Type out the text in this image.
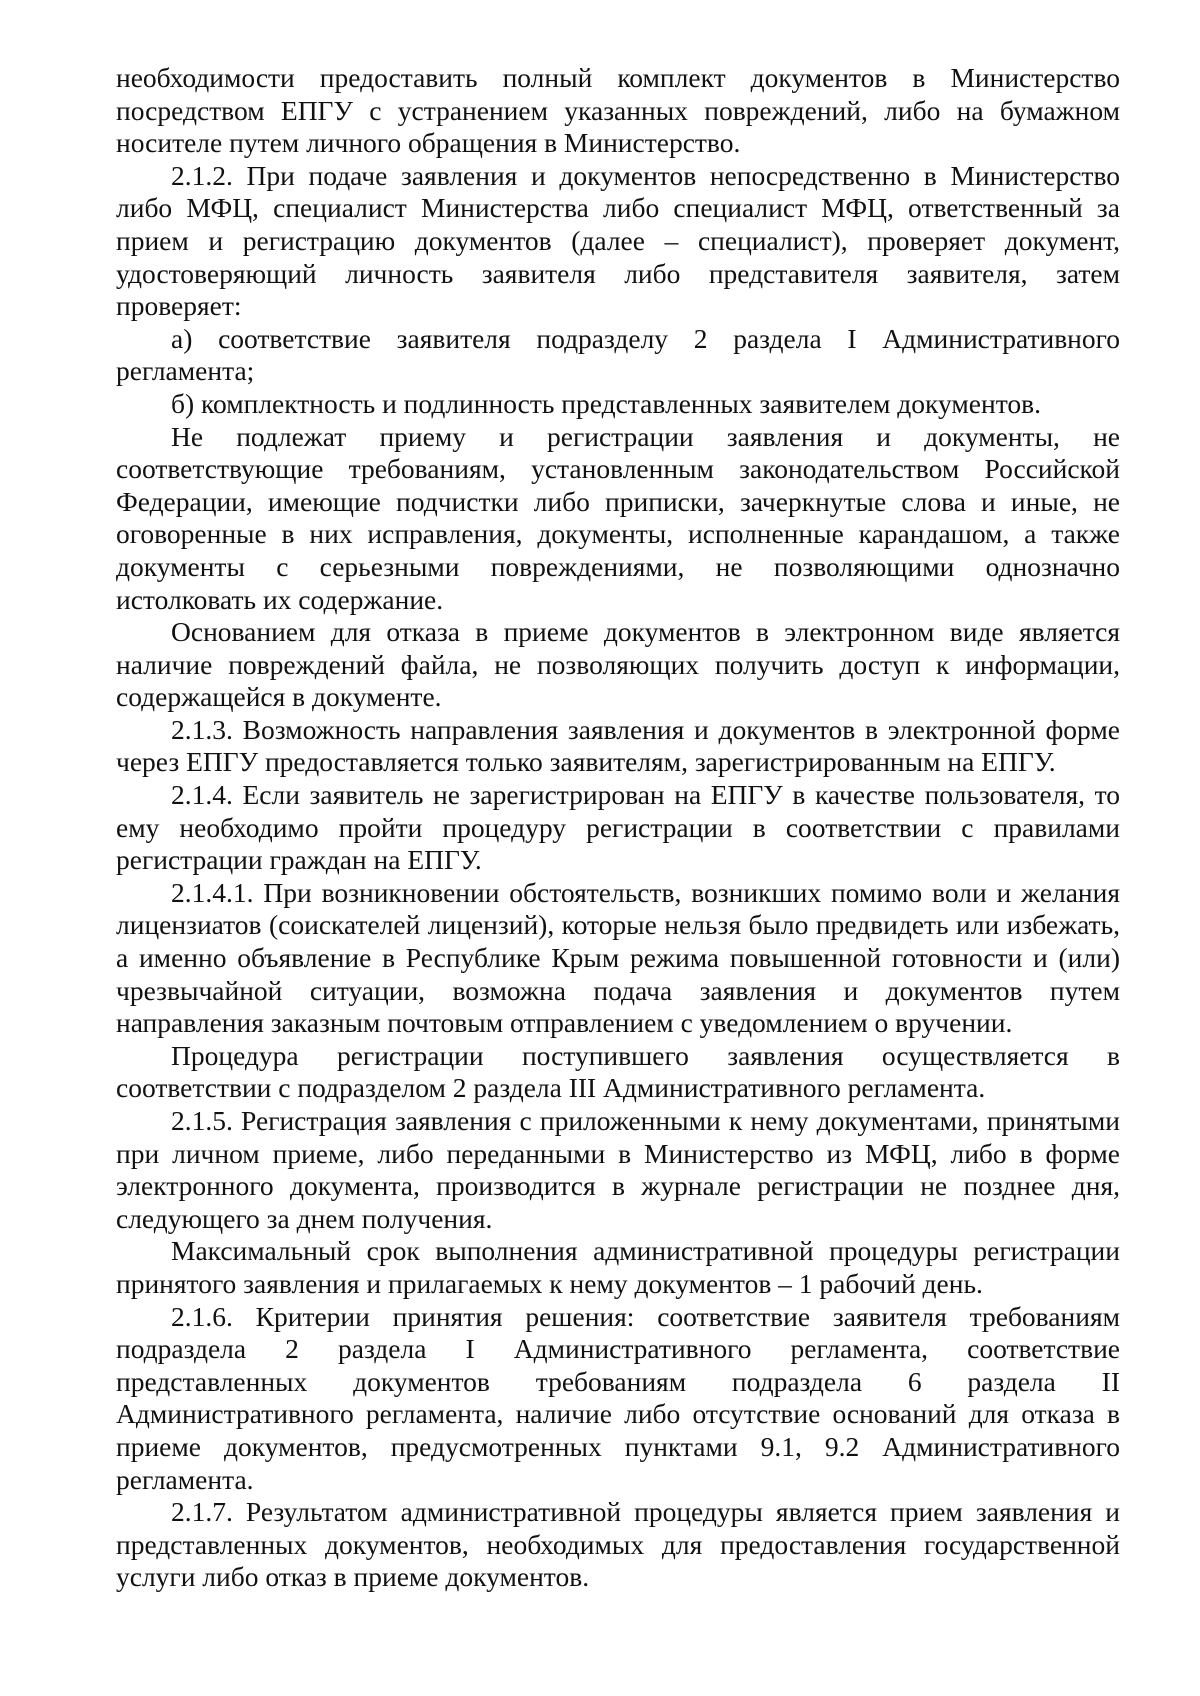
необходимости предоставить полный комплект документов в Министерство посредством ЕПГУ с устранением указанных повреждений, либо на бумажном носителе путем личного обращения в Министерство.

2.1.2. При подаче заявления и документов непосредственно в Министерство либо МФЦ, специалист Министерства либо специалист МФЦ, ответственный за прием и регистрацию документов (далее – специалист), проверяет документ, удостоверяющий личность заявителя либо представителя заявителя, затем проверяет:

а) соответствие заявителя подразделу 2 раздела I Административного регламента;

б) комплектность и подлинность представленных заявителем документов.

Не подлежат приему и регистрации заявления и документы, не соответствующие требованиям, установленным законодательством Российской Федерации, имеющие подчистки либо приписки, зачеркнутые слова и иные, не оговоренные в них исправления, документы, исполненные карандашом, а также документы с серьезными повреждениями, не позволяющими однозначно истолковать их содержание.

Основанием для отказа в приеме документов в электронном виде является наличие повреждений файла, не позволяющих получить доступ к информации, содержащейся в документе.

2.1.3. Возможность направления заявления и документов в электронной форме через ЕПГУ предоставляется только заявителям, зарегистрированным на ЕПГУ.

2.1.4. Если заявитель не зарегистрирован на ЕПГУ в качестве пользователя, то ему необходимо пройти процедуру регистрации в соответствии с правилами регистрации граждан на ЕПГУ.

2.1.4.1. При возникновении обстоятельств, возникших помимо воли и желания лицензиатов (соискателей лицензий), которые нельзя было предвидеть или избежать, а именно объявление в Республике Крым режима повышенной готовности и (или) чрезвычайной ситуации, возможна подача заявления и документов путем направления заказным почтовым отправлением с уведомлением о вручении.

Процедура регистрации поступившего заявления осуществляется в соответствии с подразделом 2 раздела III Административного регламента.

2.1.5. Регистрация заявления с приложенными к нему документами, принятыми при личном приеме, либо переданными в Министерство из МФЦ, либо в форме электронного документа, производится в журнале регистрации не позднее дня, следующего за днем получения.

Максимальный срок выполнения административной процедуры регистрации принятого заявления и прилагаемых к нему документов – 1 рабочий день.

2.1.6. Критерии принятия решения: соответствие заявителя требованиям подраздела 2 раздела I Административного регламента, соответствие представленных документов требованиям подраздела 6 раздела II Административного регламента, наличие либо отсутствие оснований для отказа в приеме документов, предусмотренных пунктами 9.1, 9.2 Административного регламента.

2.1.7. Результатом административной процедуры является прием заявления и представленных документов, необходимых для предоставления государственной услуги либо отказ в приеме документов.
